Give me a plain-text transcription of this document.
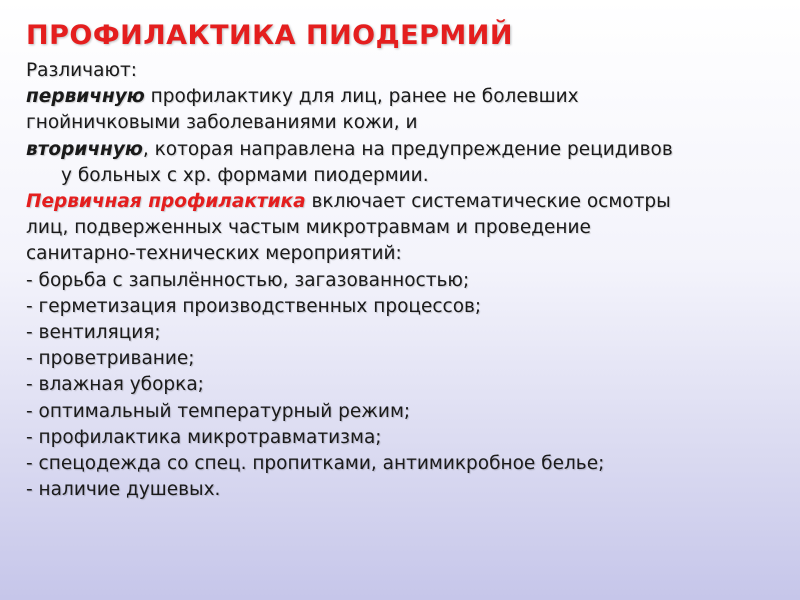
ПРОФИЛАКТИКА ПИОДЕРМИЙ
Различают:
первичную профилактику для лиц, ранее не болевших
гнойничковыми заболеваниями кожи, и
вторичную, которая направлена на предупреждение рецидивов
у больных с хр. формами пиодермии.
Первичная профилактика включает систематические осмотры
лиц, подверженных частым микротравмам и проведение
санитарно-технических мероприятий:
- борьба с запылённостью, загазованностью;
- герметизация производственных процессов;
- вентиляция;
- проветривание;
- влажная уборка;
- оптимальный температурный режим;
- профилактика микротравматизма;
- спецодежда со спец. пропитками, антимикробное белье;
- наличие душевых.
